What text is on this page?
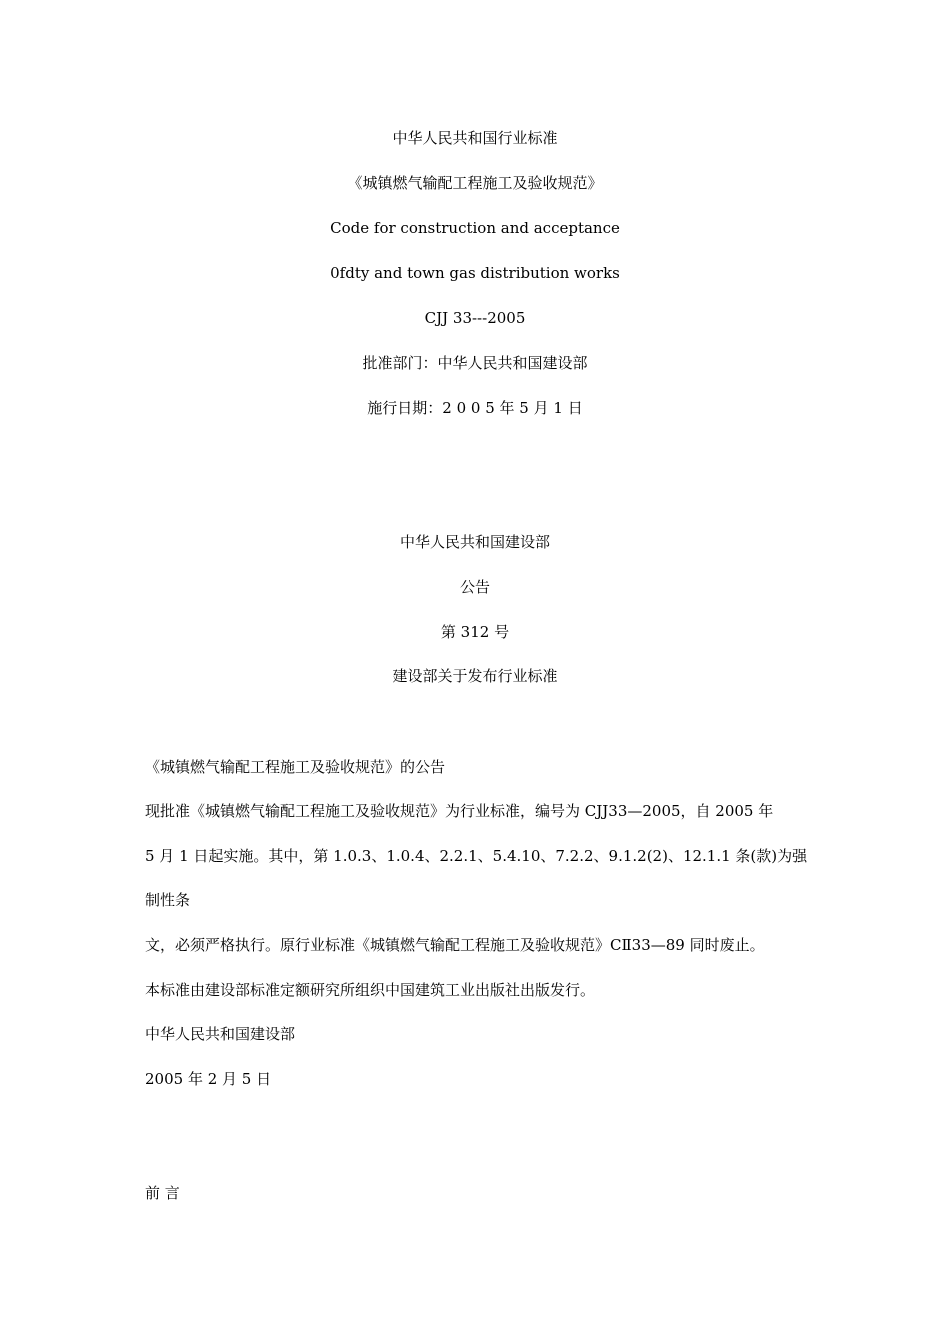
中华人民共和国行业标准
《城镇燃气输配工程施工及验收规范》
Code for construction and acceptance
0fdty and town gas distribution works
CJJ 33---2005
批准部门：中华人民共和国建设部
施行日期：2 0 0 5 年 5 月 1 日
中华人民共和国建设部
公告
第 312 号
建设部关于发布行业标准
《城镇燃气输配工程施工及验收规范》的公告
现批准《城镇燃气输配工程施工及验收规范》为行业标准，编号为 CJJ33—2005，自 2005 年
5 月 1 日起实施。其中，第 1.0.3、1.0.4、2.2.1、5.4.10、7.2.2、9.1.2(2)、12.1.1 条(款)为强
制性条
文，必须严格执行。原行业标准《城镇燃气输配工程施工及验收规范》CⅡ33—89 同时废止。
本标准由建设部标准定额研究所组织中国建筑工业出版社出版发行。
中华人民共和国建设部
2005 年 2 月 5 日
前 言
